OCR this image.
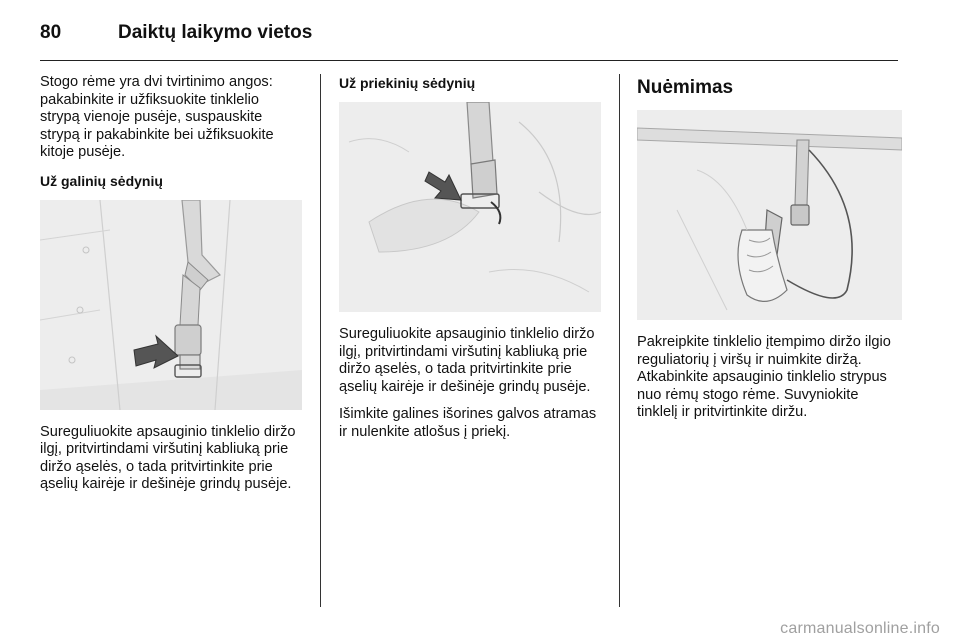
80	Daiktų laikymo vietos

Stogo rėme yra dvi tvirtinimo angos: pakabinkite ir užfiksuokite tinklelio strypą vienoje pusėje, suspauskite strypą ir pakabinkite bei užfiksuokite kitoje pusėje.

Už galinių sėdynių

Sureguliuokite apsauginio tinklelio diržo ilgį, pritvirtindami viršutinį kabliuką prie diržo ąselės, o tada pritvirtinkite prie ąselių kairėje ir dešinėje grindų pusėje.

Už priekinių sėdynių

Sureguliuokite apsauginio tinklelio diržo ilgį, pritvirtindami viršutinį kabliuką prie diržo ąselės, o tada pritvirtinkite prie ąselių kairėje ir dešinėje grindų pusėje.

Išimkite galines išorines galvos atramas ir nulenkite atlošus į priekį.

Nuėmimas

Pakreipkite tinklelio įtempimo diržo ilgio reguliatorių į viršų ir nuimkite diržą. Atkabinkite apsauginio tinklelio strypus nuo rėmų stogo rėme. Suvyniokite tinklelį ir pritvirtinkite diržu.

carmanualsonline.info
